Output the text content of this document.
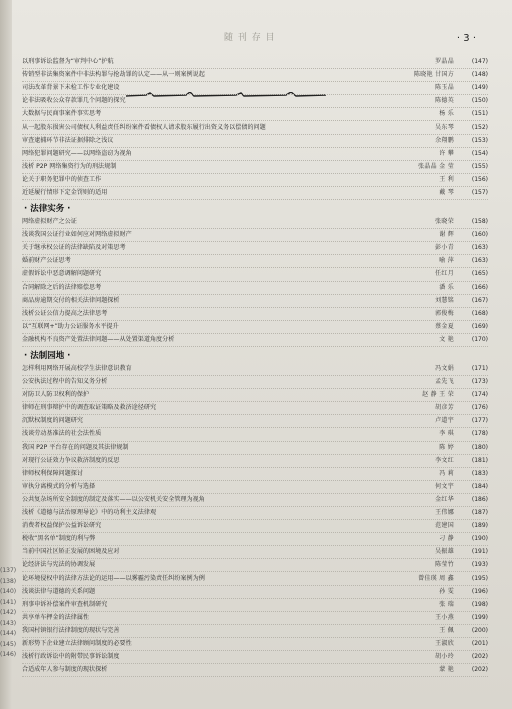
随 刊 存 目	· 3 ·
以刑事诉讼监督为“审判中心”护航	罗晶晶	(147)
传销型非法集资案件中非法构罪与抢劫罪的认定——从一则案例说起	陈晓艳 甘国方	(148)
司法改革背景下未检工作专业化建设	陈玉晶	(149)
论非法吸收公众存款罪几个问题的探究	陈德英	(150)
大数据与民商事案件事实思考	杨 乐	(151)
从一起股东损害公司债权人利益责任纠纷案件看债权人请求股东履行出资义务以偿债的问题	吴东琴	(152)
审查逮捕环节非法证据排除之浅议	余翔鹏	(153)
网络犯罪问题研究——以网络盗窃为视角	许 攀	(154)
浅析 P2P 网络集资行为的刑法规制	张晶晶 金 莹	(155)
论关于职务犯罪中的侦查工作	王 利	(156)
近延履行情形下定金罚则的适用	戴 琴	(157)
· 法律实务 ·
网络虚拟财产之公证	张晓荣	(158)
浅谈我国公证行业如何应对网络虚拟财产	谢 辉	(160)
关于继承权公证的法律缺陷及对策思考	彭小青	(163)
婚前财产公证思考	喻 萍	(163)
虚假诉讼中恶意调解问题研究	任红月	(165)
合同解除之后的法律赔偿思考	潘 乐	(166)
商品房逾期交付的相关法律问题探析	刘慧铭	(167)
浅析公证公信力提高之法律思考	郭俊梅	(168)
以“互联网+”助力公证服务水平提升	蔡金夏	(169)
金融机构不良资产处置法律问题——从处置渠道角度分析	文 艳	(170)
· 法制园地 ·
怎样利用网络开展高校学生法律意识教育	冯文娟	(171)
公安执法过程中的告知义务分析	孟先飞	(173)
对防卫人防卫权利的保护	赵 静 王 荣	(174)
律师在刑事辩护中的调查取证策略及救济途径研究	胡彦芳	(176)
沉默权制度的问题研究	卢道宇	(177)
浅谈劳动基准法的社会法性质	李 琪	(178)
我国 P2P 平台存在的问题及其法律规制	陈 婷	(180)
对现行公证效力争议救济制度的反思	李文红	(181)
律师权利保障问题探讨	冯 莉	(183)
审执分离模式的分析与选择	何文宇	(184)
公共复杂场所安全制度的制定及落实——以公安机关安全管理为视角	金红华	(186)
浅析《道德与法治原理导论》中的功利主义法律观	王伟娜	(187)
消费者权益保护公益诉讼研究	范建国	(189)
税收“黑名单”制度的利与弊	刁 静	(190)
当前中国社区矫正发展的困境及应对	吴振雄	(191)
论经济法与宪法的协调发展	陈莹竹	(193)
论环境侵权中的法律方法论的运用——以雾霾污染责任纠纷案例为例	曾佳瑛 周 鑫	(195)
浅谈法律与道德的关系问题	孙 雯	(196)
刑事申诉补偿案件审查机制研究	张 瑞	(198)
共享单车押金的法律属性	王小燕	(199)
我国村镇银行法律制度的现状与完善	王 佩	(200)
新形势下企业建立法律顾问制度的必要性	王淑欣	(201)
浅析行政诉讼中的附带民事诉讼制度	胡小玲	(202)
合适成年人参与制度的现状探析	蒙 艳	(202)
(137)
(138)
(140)
(141)
(142)
(143)
(144)
(145)
(146)
